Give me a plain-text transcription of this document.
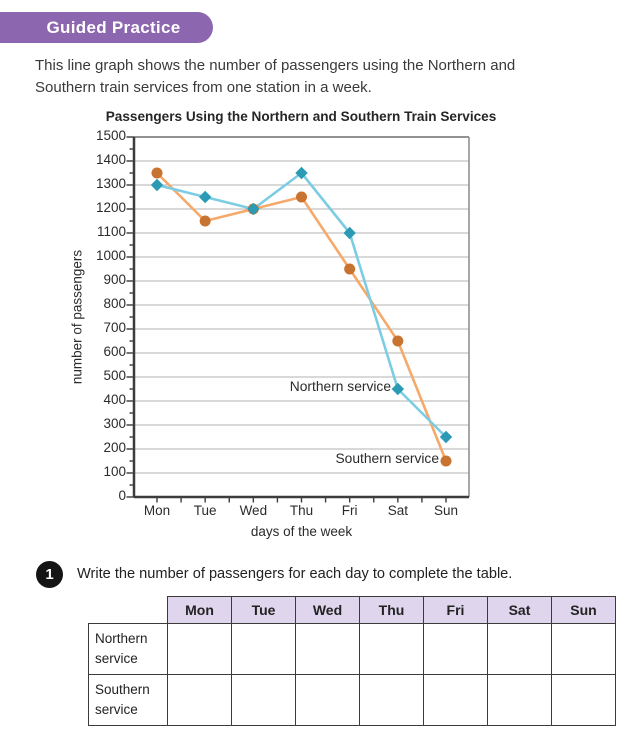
Guided Practice
This line graph shows the number of passengers using the Northern and
Southern train services from one station in a week.
Passengers Using the Northern and Southern Train Services
0
100
200
300
400
500
600
700
800
900
1000
1100
1200
1300
1400
1500
Mon	Tue	Wed	Thu	Fri	Sat	Sun
number of passengers
days of the week
Northern service
Southern service
1 Write the number of passengers for each day to complete the table.
	Mon	Tue	Wed	Thu	Fri	Sat	Sun
Northern service							
Southern service							
